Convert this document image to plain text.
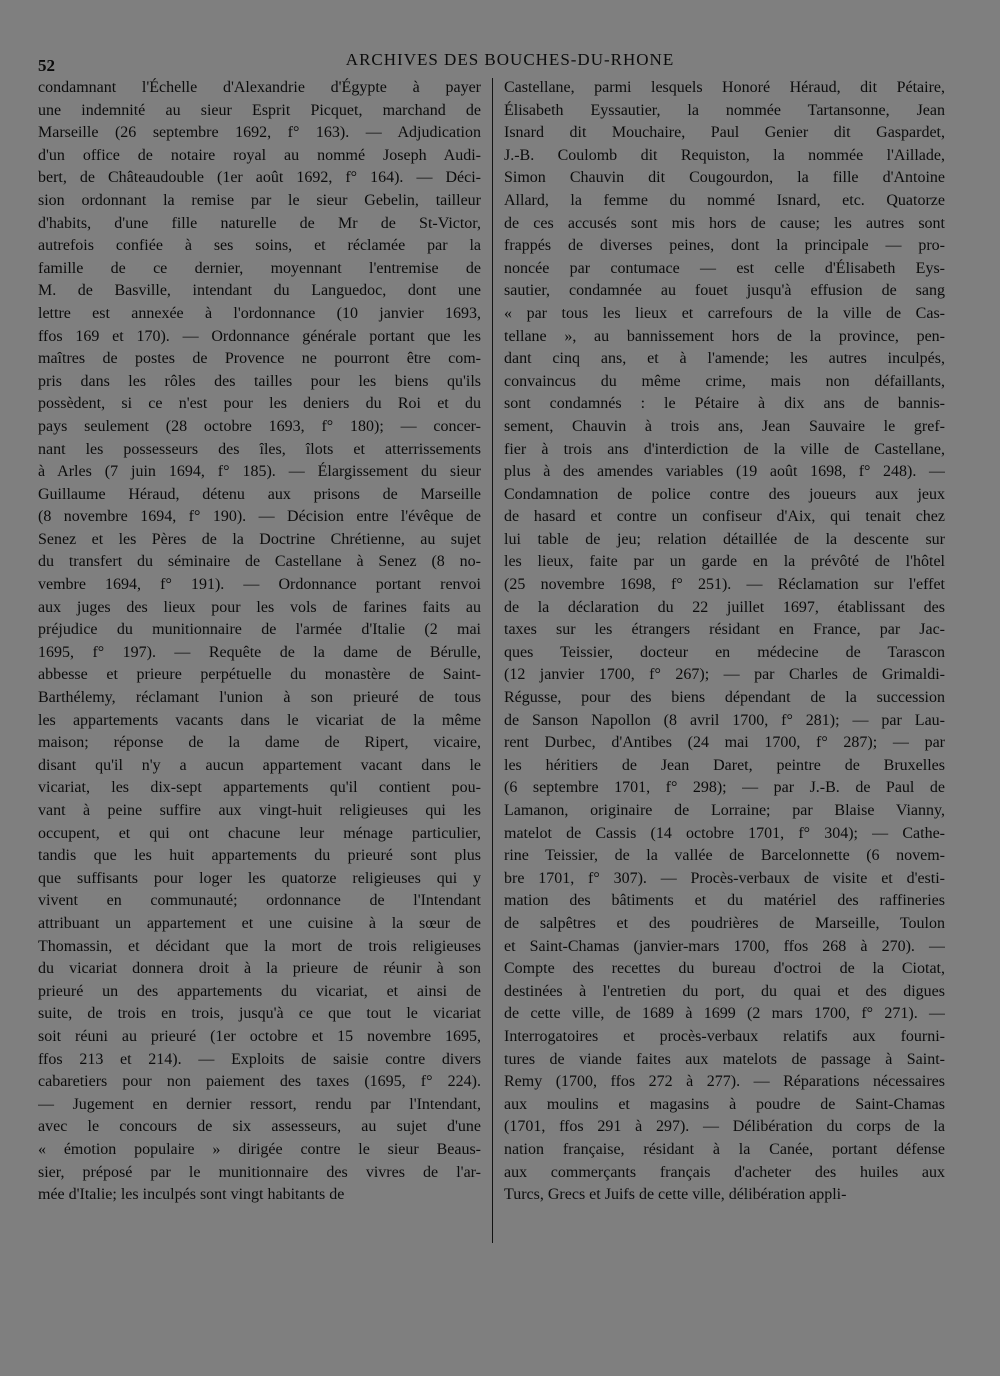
52	ARCHIVES DES BOUCHES-DU-RHONE
condamnant l'Échelle d'Alexandrie d'Égypte à payer
une indemnité au sieur Esprit Picquet, marchand de
Marseille (26 septembre 1692, f° 163). — Adjudication
d'un office de notaire royal au nommé Joseph Audi-
bert, de Châteaudouble (1er août 1692, f° 164). — Déci-
sion ordonnant la remise par le sieur Gebelin, tailleur
d'habits, d'une fille naturelle de Mr de St-Victor,
autrefois confiée à ses soins, et réclamée par la
famille de ce dernier, moyennant l'entremise de
M. de Basville, intendant du Languedoc, dont une
lettre est annexée à l'ordonnance (10 janvier 1693,
ffos 169 et 170). — Ordonnance générale portant que les
maîtres de postes de Provence ne pourront être com-
pris dans les rôles des tailles pour les biens qu'ils
possèdent, si ce n'est pour les deniers du Roi et du
pays seulement (28 octobre 1693, f° 180); — concer-
nant les possesseurs des îles, îlots et atterrissements
à Arles (7 juin 1694, f° 185). — Élargissement du sieur
Guillaume Héraud, détenu aux prisons de Marseille
(8 novembre 1694, f° 190). — Décision entre l'évêque de
Senez et les Pères de la Doctrine Chrétienne, au sujet
du transfert du séminaire de Castellane à Senez (8 no-
vembre 1694, f° 191). — Ordonnance portant renvoi
aux juges des lieux pour les vols de farines faits au
préjudice du munitionnaire de l'armée d'Italie (2 mai
1695, f° 197). — Requête de la dame de Bérulle,
abbesse et prieure perpétuelle du monastère de Saint-
Barthélemy, réclamant l'union à son prieuré de tous
les appartements vacants dans le vicariat de la même
maison; réponse de la dame de Ripert, vicaire,
disant qu'il n'y a aucun appartement vacant dans le
vicariat, les dix-sept appartements qu'il contient pou-
vant à peine suffire aux vingt-huit religieuses qui les
occupent, et qui ont chacune leur ménage particulier,
tandis que les huit appartements du prieuré sont plus
que suffisants pour loger les quatorze religieuses qui y
vivent en communauté; ordonnance de l'Intendant
attribuant un appartement et une cuisine à la sœur de
Thomassin, et décidant que la mort de trois religieuses
du vicariat donnera droit à la prieure de réunir à son
prieuré un des appartements du vicariat, et ainsi de
suite, de trois en trois, jusqu'à ce que tout le vicariat
soit réuni au prieuré (1er octobre et 15 novembre 1695,
ffos 213 et 214). — Exploits de saisie contre divers
cabaretiers pour non paiement des taxes (1695, f° 224).
— Jugement en dernier ressort, rendu par l'Intendant,
avec le concours de six assesseurs, au sujet d'une
« émotion populaire » dirigée contre le sieur Beaus-
sier, préposé par le munitionnaire des vivres de l'ar-
mée d'Italie; les inculpés sont vingt habitants de
Castellane, parmi lesquels Honoré Héraud, dit Pétaire,
Élisabeth Eyssautier, la nommée Tartansonne, Jean
Isnard dit Mouchaire, Paul Genier dit Gaspardet,
J.-B. Coulomb dit Requiston, la nommée l'Aillade,
Simon Chauvin dit Cougourdon, la fille d'Antoine
Allard, la femme du nommé Isnard, etc. Quatorze
de ces accusés sont mis hors de cause; les autres sont
frappés de diverses peines, dont la principale — pro-
noncée par contumace — est celle d'Élisabeth Eys-
sautier, condamnée au fouet jusqu'à effusion de sang
« par tous les lieux et carrefours de la ville de Cas-
tellane », au bannissement hors de la province, pen-
dant cinq ans, et à l'amende; les autres inculpés,
convaincus du même crime, mais non défaillants,
sont condamnés : le Pétaire à dix ans de bannis-
sement, Chauvin à trois ans, Jean Sauvaire le gref-
fier à trois ans d'interdiction de la ville de Castellane,
plus à des amendes variables (19 août 1698, f° 248). —
Condamnation de police contre des joueurs aux jeux
de hasard et contre un confiseur d'Aix, qui tenait chez
lui table de jeu; relation détaillée de la descente sur
les lieux, faite par un garde en la prévôté de l'hôtel
(25 novembre 1698, f° 251). — Réclamation sur l'effet
de la déclaration du 22 juillet 1697, établissant des
taxes sur les étrangers résidant en France, par Jac-
ques Teissier, docteur en médecine de Tarascon
(12 janvier 1700, f° 267); — par Charles de Grimaldi-
Régusse, pour des biens dépendant de la succession
de Sanson Napollon (8 avril 1700, f° 281); — par Lau-
rent Durbec, d'Antibes (24 mai 1700, f° 287); — par
les héritiers de Jean Daret, peintre de Bruxelles
(6 septembre 1701, f° 298); — par J.-B. de Paul de
Lamanon, originaire de Lorraine; par Blaise Vianny,
matelot de Cassis (14 octobre 1701, f° 304); — Cathe-
rine Teissier, de la vallée de Barcelonnette (6 novem-
bre 1701, f° 307). — Procès-verbaux de visite et d'esti-
mation des bâtiments et du matériel des raffineries
de salpêtres et des poudrières de Marseille, Toulon
et Saint-Chamas (janvier-mars 1700, ffos 268 à 270). —
Compte des recettes du bureau d'octroi de la Ciotat,
destinées à l'entretien du port, du quai et des digues
de cette ville, de 1689 à 1699 (2 mars 1700, f° 271). —
Interrogatoires et procès-verbaux relatifs aux fourni-
tures de viande faites aux matelots de passage à Saint-
Remy (1700, ffos 272 à 277). — Réparations nécessaires
aux moulins et magasins à poudre de Saint-Chamas
(1701, ffos 291 à 297). — Délibération du corps de la
nation française, résidant à la Canée, portant défense
aux commerçants français d'acheter des huiles aux
Turcs, Grecs et Juifs de cette ville, délibération appli-
